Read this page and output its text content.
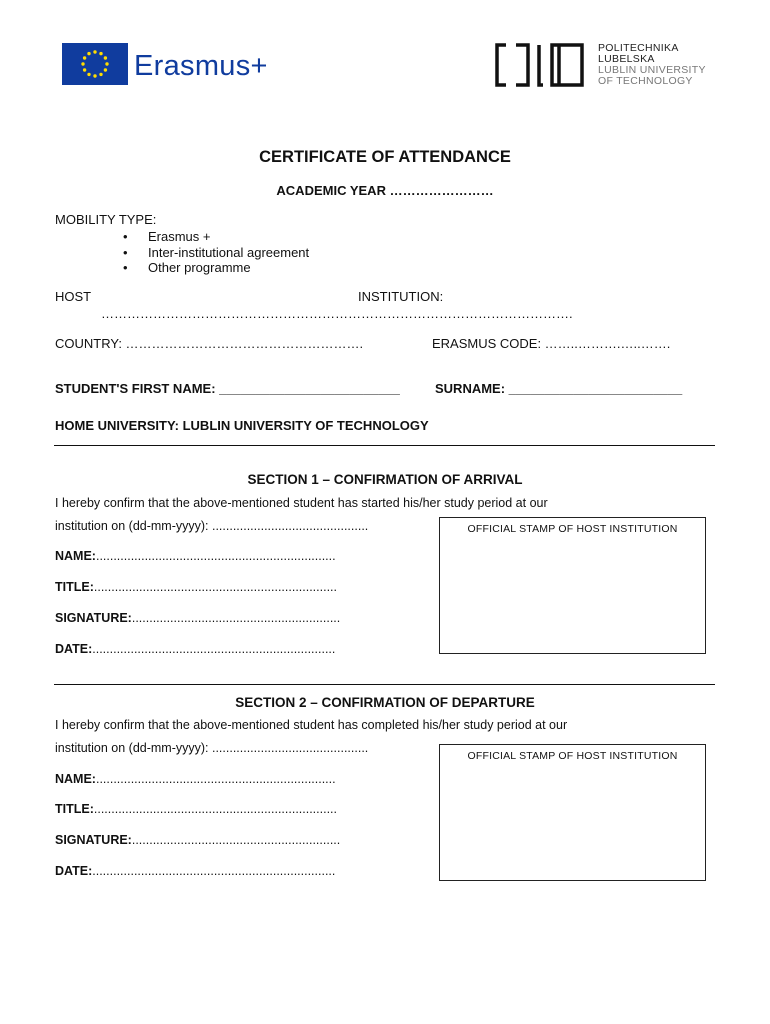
Erasmus+
POLITECHNIKA
LUBELSKA
LUBLIN UNIVERSITY
OF TECHNOLOGY
CERTIFICATE OF ATTENDANCE
ACADEMIC YEAR ……………………
MOBILITY TYPE:
• Erasmus +
• Inter-institutional agreement
• Other programme
HOST	INSTITUTION:
……………………………………………………………………………………………….
COUNTRY: ……………………………………………….	ERASMUS CODE: ……..……….…..…….
STUDENT'S FIRST NAME: _________________________	SURNAME: ________________________
HOME UNIVERSITY: LUBLIN UNIVERSITY OF TECHNOLOGY
SECTION 1 – CONFIRMATION OF ARRIVAL
I hereby confirm that the above-mentioned student has started his/her study period at our
institution on (dd-mm-yyyy): .............................................	OFFICIAL STAMP OF HOST INSTITUTION
NAME:.....................................................................
TITLE:......................................................................
SIGNATURE:............................................................
DATE:......................................................................
SECTION 2 – CONFIRMATION OF DEPARTURE
I hereby confirm that the above-mentioned student has completed his/her study period at our
institution on (dd-mm-yyyy): .............................................
OFFICIAL STAMP OF HOST INSTITUTION
NAME:.....................................................................
TITLE:......................................................................
SIGNATURE:............................................................
DATE:......................................................................
